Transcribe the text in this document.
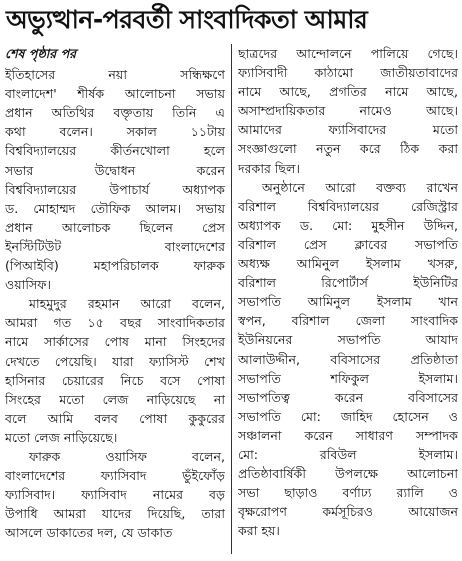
অভ্যুত্থান-পরবর্তী সাংবাদিকতা আমার
শেষ পৃষ্ঠার পর
ইতিহাসের নয়া সন্ধিক্ষণে
বাংলাদেশ' শীর্ষক আলোচনা সভায়
প্রধান অতিথির বক্তৃতায় তিনি এ
কথা বলেন। সকাল ১১টায়
বিশ্ববিদ্যালয়ের কীর্তনখোলা হলে
সভার উদ্বোধন করেন
বিশ্ববিদ্যালয়ের উপাচার্য অধ্যাপক
ড. মোহাম্মদ তৌফিক আলম। সভায়
প্রধান আলোচক ছিলেন প্রেস
ইনস্টিটিউট বাংলাদেশের
(পিআইবি) মহাপরিচালক ফারুক
ওয়াসিফ।
মাহমুদুর রহমান আরো বলেন,
আমরা গত ১৫ বছর সাংবাদিকতার
নামে সার্কাসের পোষ মানা সিংহদের
দেখতে পেয়েছি। যারা ফ্যাসিস্ট শেখ
হাসিনার চেয়ারের নিচে বসে পোষা
সিংহের মতো লেজ নাড়িয়েছে না
বলে আমি বলব পোষা কুকুরের
মতো লেজ নাড়িয়েছে।
ফারুক ওয়াসিফ বলেন,
বাংলাদেশের ফ্যাসিবাদ ভুঁইফোঁড়
ফ্যাসিবাদ। ফ্যাসিবাদ নামের বড়
উপাধি আমরা যাদের দিয়েছি, তারা
আসলে ডাকাতের দল, যে ডাকাত
ছাত্রদের আন্দোলনে পালিয়ে গেছে।
ফ্যাসিবাদী কাঠামো জাতীয়তাবাদের
নামে আছে, প্রগতির নামে আছে,
অসাম্প্রদায়িকতার নামেও আছে।
আমাদের ফ্যাসিবাদের মতো
সংজ্ঞাগুলো নতুন করে ঠিক করা
দরকার ছিল।
অনুষ্ঠানে আরো বক্তব্য রাখেন
বরিশাল বিশ্ববিদ্যালয়ের রেজিস্ট্রার
অধ্যাপক ড. মো: মুহসীন উদ্দিন,
বরিশাল প্রেস ক্লাবের সভাপতি
অধ্যক্ষ আমিনুল ইসলাম খসরু,
বরিশাল রিপোর্টার্স ইউনিটির
সভাপতি আমিনুল ইসলাম খান
স্বপন, বরিশাল জেলা সাংবাদিক
ইউনিয়নের সভাপতি আযাদ
আলাউদ্দীন, ববিসাসের প্রতিষ্ঠাতা
সভাপতি শফিকুল ইসলাম।
সভাপতিত্ব করেন ববিসাসের
সভাপতি মো: জাহিদ হোসেন ও
সঞ্চালনা করেন সাধারণ সম্পাদক
মো: রবিউল ইসলাম।
প্রতিষ্ঠাবার্ষিকী উপলক্ষে আলোচনা
সভা ছাড়াও বর্ণাঢ্য র‍্যালি ও
বৃক্ষরোপণ কর্মসূচিরও আয়োজন
করা হয়।
